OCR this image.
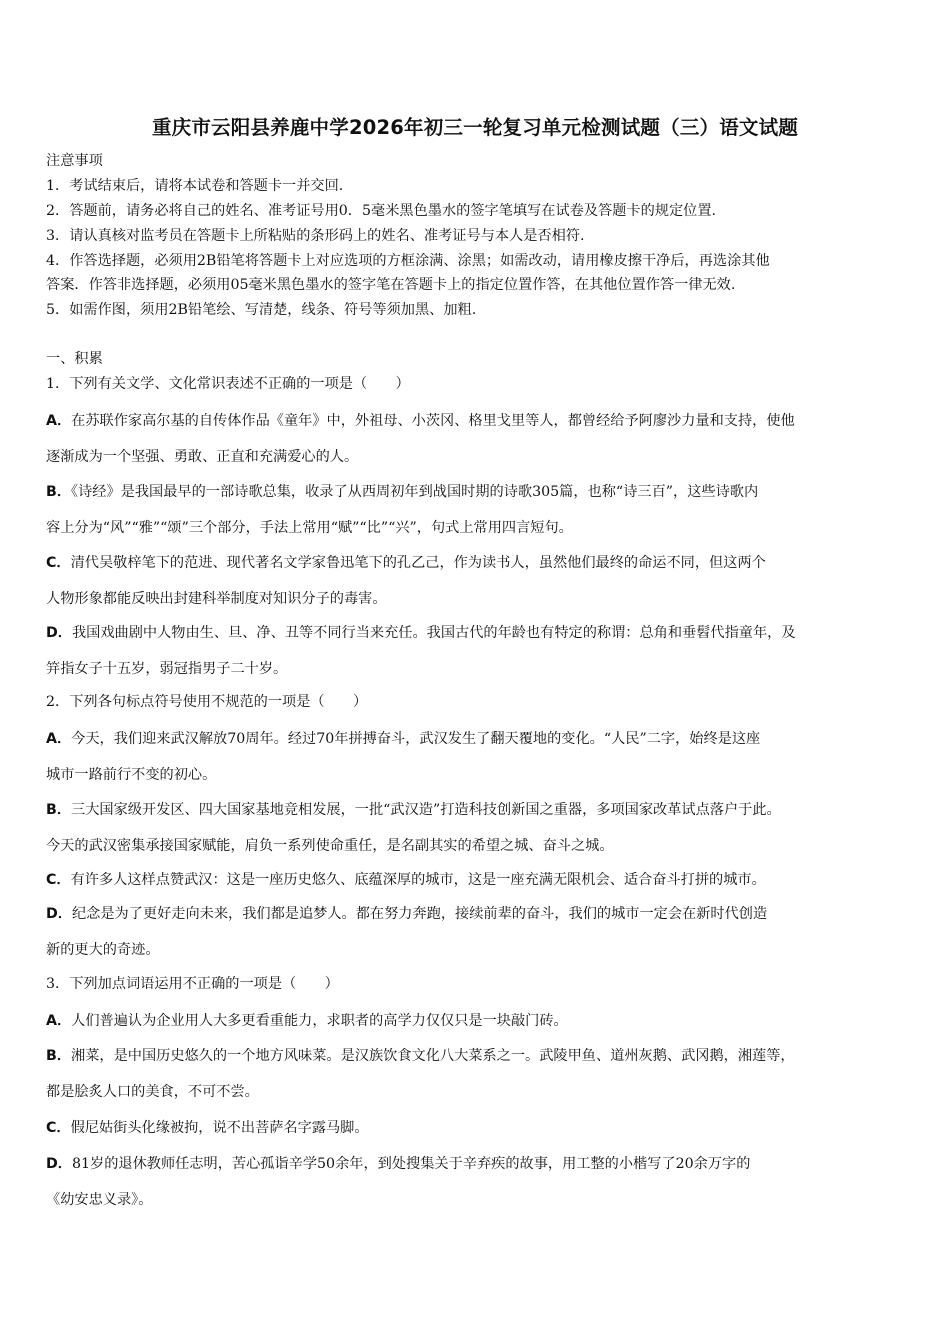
重庆市云阳县养鹿中学2026年初三一轮复习单元检测试题（三）语文试题
注意事项
1．考试结束后，请将本试卷和答题卡一并交回.
2．答题前，请务必将自己的姓名、准考证号用0．5毫米黑色墨水的签字笔填写在试卷及答题卡的规定位置.
3．请认真核对监考员在答题卡上所粘贴的条形码上的姓名、准考证号与本人是否相符.
4．作答选择题，必须用2B铅笔将答题卡上对应选项的方框涂满、涂黑；如需改动，请用橡皮擦干净后，再选涂其他
答案．作答非选择题，必须用05毫米黑色墨水的签字笔在答题卡上的指定位置作答，在其他位置作答一律无效.
5．如需作图，须用2B铅笔绘、写清楚，线条、符号等须加黑、加粗.
一、积累
1．下列有关文学、文化常识表述不正确的一项是（　　）
A．在苏联作家高尔基的自传体作品《童年》中，外祖母、小茨冈、格里戈里等人，都曾经给予阿廖沙力量和支持，使他
逐渐成为一个坚强、勇敢、正直和充满爱心的人。
B．《诗经》是我国最早的一部诗歌总集，收录了从西周初年到战国时期的诗歌305篇，也称“诗三百”，这些诗歌内
容上分为“风”“雅”“颂”三个部分，手法上常用“赋”“比”“兴”，句式上常用四言短句。
C．清代吴敬梓笔下的范进、现代著名文学家鲁迅笔下的孔乙己，作为读书人，虽然他们最终的命运不同，但这两个
人物形象都能反映出封建科举制度对知识分子的毒害。
D．我国戏曲剧中人物由生、旦、净、丑等不同行当来充任。我国古代的年龄也有特定的称谓：总角和垂髫代指童年，及
笄指女子十五岁，弱冠指男子二十岁。
2．下列各句标点符号使用不规范的一项是（　　）
A．今天，我们迎来武汉解放70周年。经过70年拼搏奋斗，武汉发生了翻天覆地的变化。“人民”二字，始终是这座
城市一路前行不变的初心。
B．三大国家级开发区、四大国家基地竞相发展，一批“武汉造”打造科技创新国之重器，多项国家改革试点落户于此。
今天的武汉密集承接国家赋能，肩负一系列使命重任，是名副其实的希望之城、奋斗之城。
C．有许多人这样点赞武汉：这是一座历史悠久、底蕴深厚的城市，这是一座充满无限机会、适合奋斗打拼的城市。
D．纪念是为了更好走向未来，我们都是追梦人。都在努力奔跑，接续前辈的奋斗，我们的城市一定会在新时代创造
新的更大的奇迹。
3．下列加点词语运用不正确的一项是（　　）
A．人们普遍认为企业用人大多更看重能力，求职者的高学力仅仅只是一块敲门砖。
B．湘菜，是中国历史悠久的一个地方风味菜。是汉族饮食文化八大菜系之一。武陵甲鱼、道州灰鹅、武冈鹅，湘莲等，
都是脍炙人口的美食，不可不尝。
C．假尼姑街头化缘被拘，说不出菩萨名字露马脚。
D．81岁的退休教师任志明，苦心孤诣辛学50余年，到处搜集关于辛弃疾的故事，用工整的小楷写了20余万字的
《幼安忠义录》。
